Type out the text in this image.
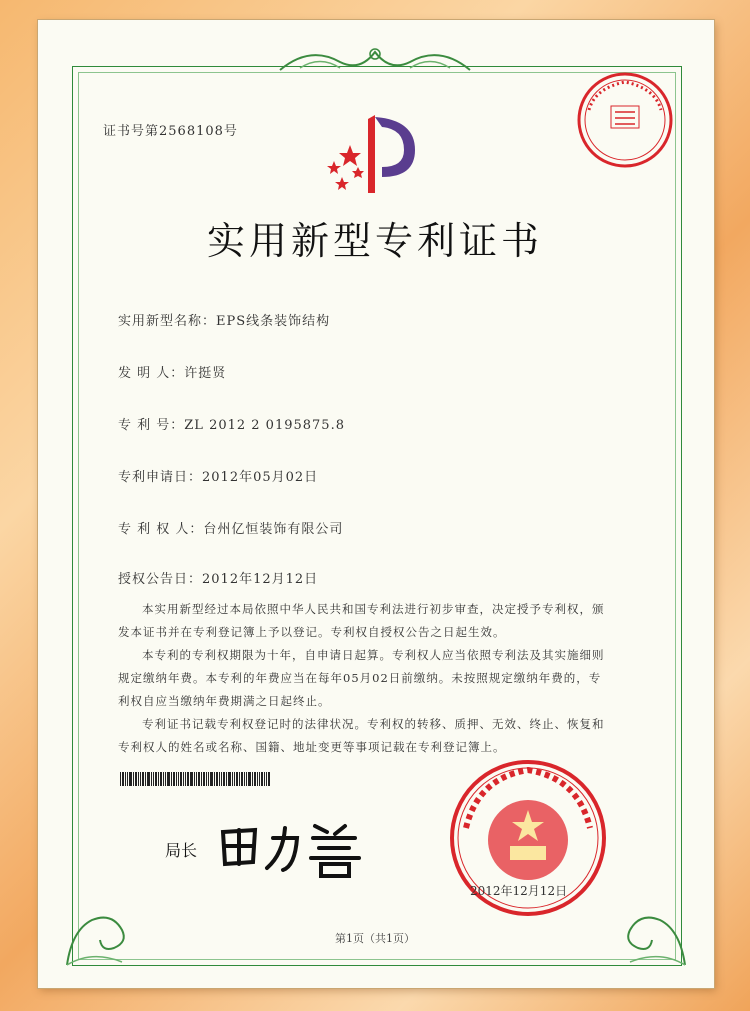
证书号第2568108号
实用新型专利证书
实用新型名称：EPS线条装饰结构
发 明 人：许挺贤
专 利 号：ZL 2012 2 0195875.8
专利申请日：2012年05月02日
专 利 权 人：台州亿恒装饰有限公司
授权公告日：2012年12月12日
本实用新型经过本局依照中华人民共和国专利法进行初步审查，决定授予专利权，颁
发本证书并在专利登记簿上予以登记。专利权自授权公告之日起生效。
本专利的专利权期限为十年，自申请日起算。专利权人应当依照专利法及其实施细则
规定缴纳年费。本专利的年费应当在每年05月02日前缴纳。未按照规定缴纳年费的，专
利权自应当缴纳年费期满之日起终止。
专利证书记载专利权登记时的法律状况。专利权的转移、质押、无效、终止、恢复和
专利权人的姓名或名称、国籍、地址变更等事项记载在专利登记簿上。
局长
2012年12月12日
第1页（共1页）
